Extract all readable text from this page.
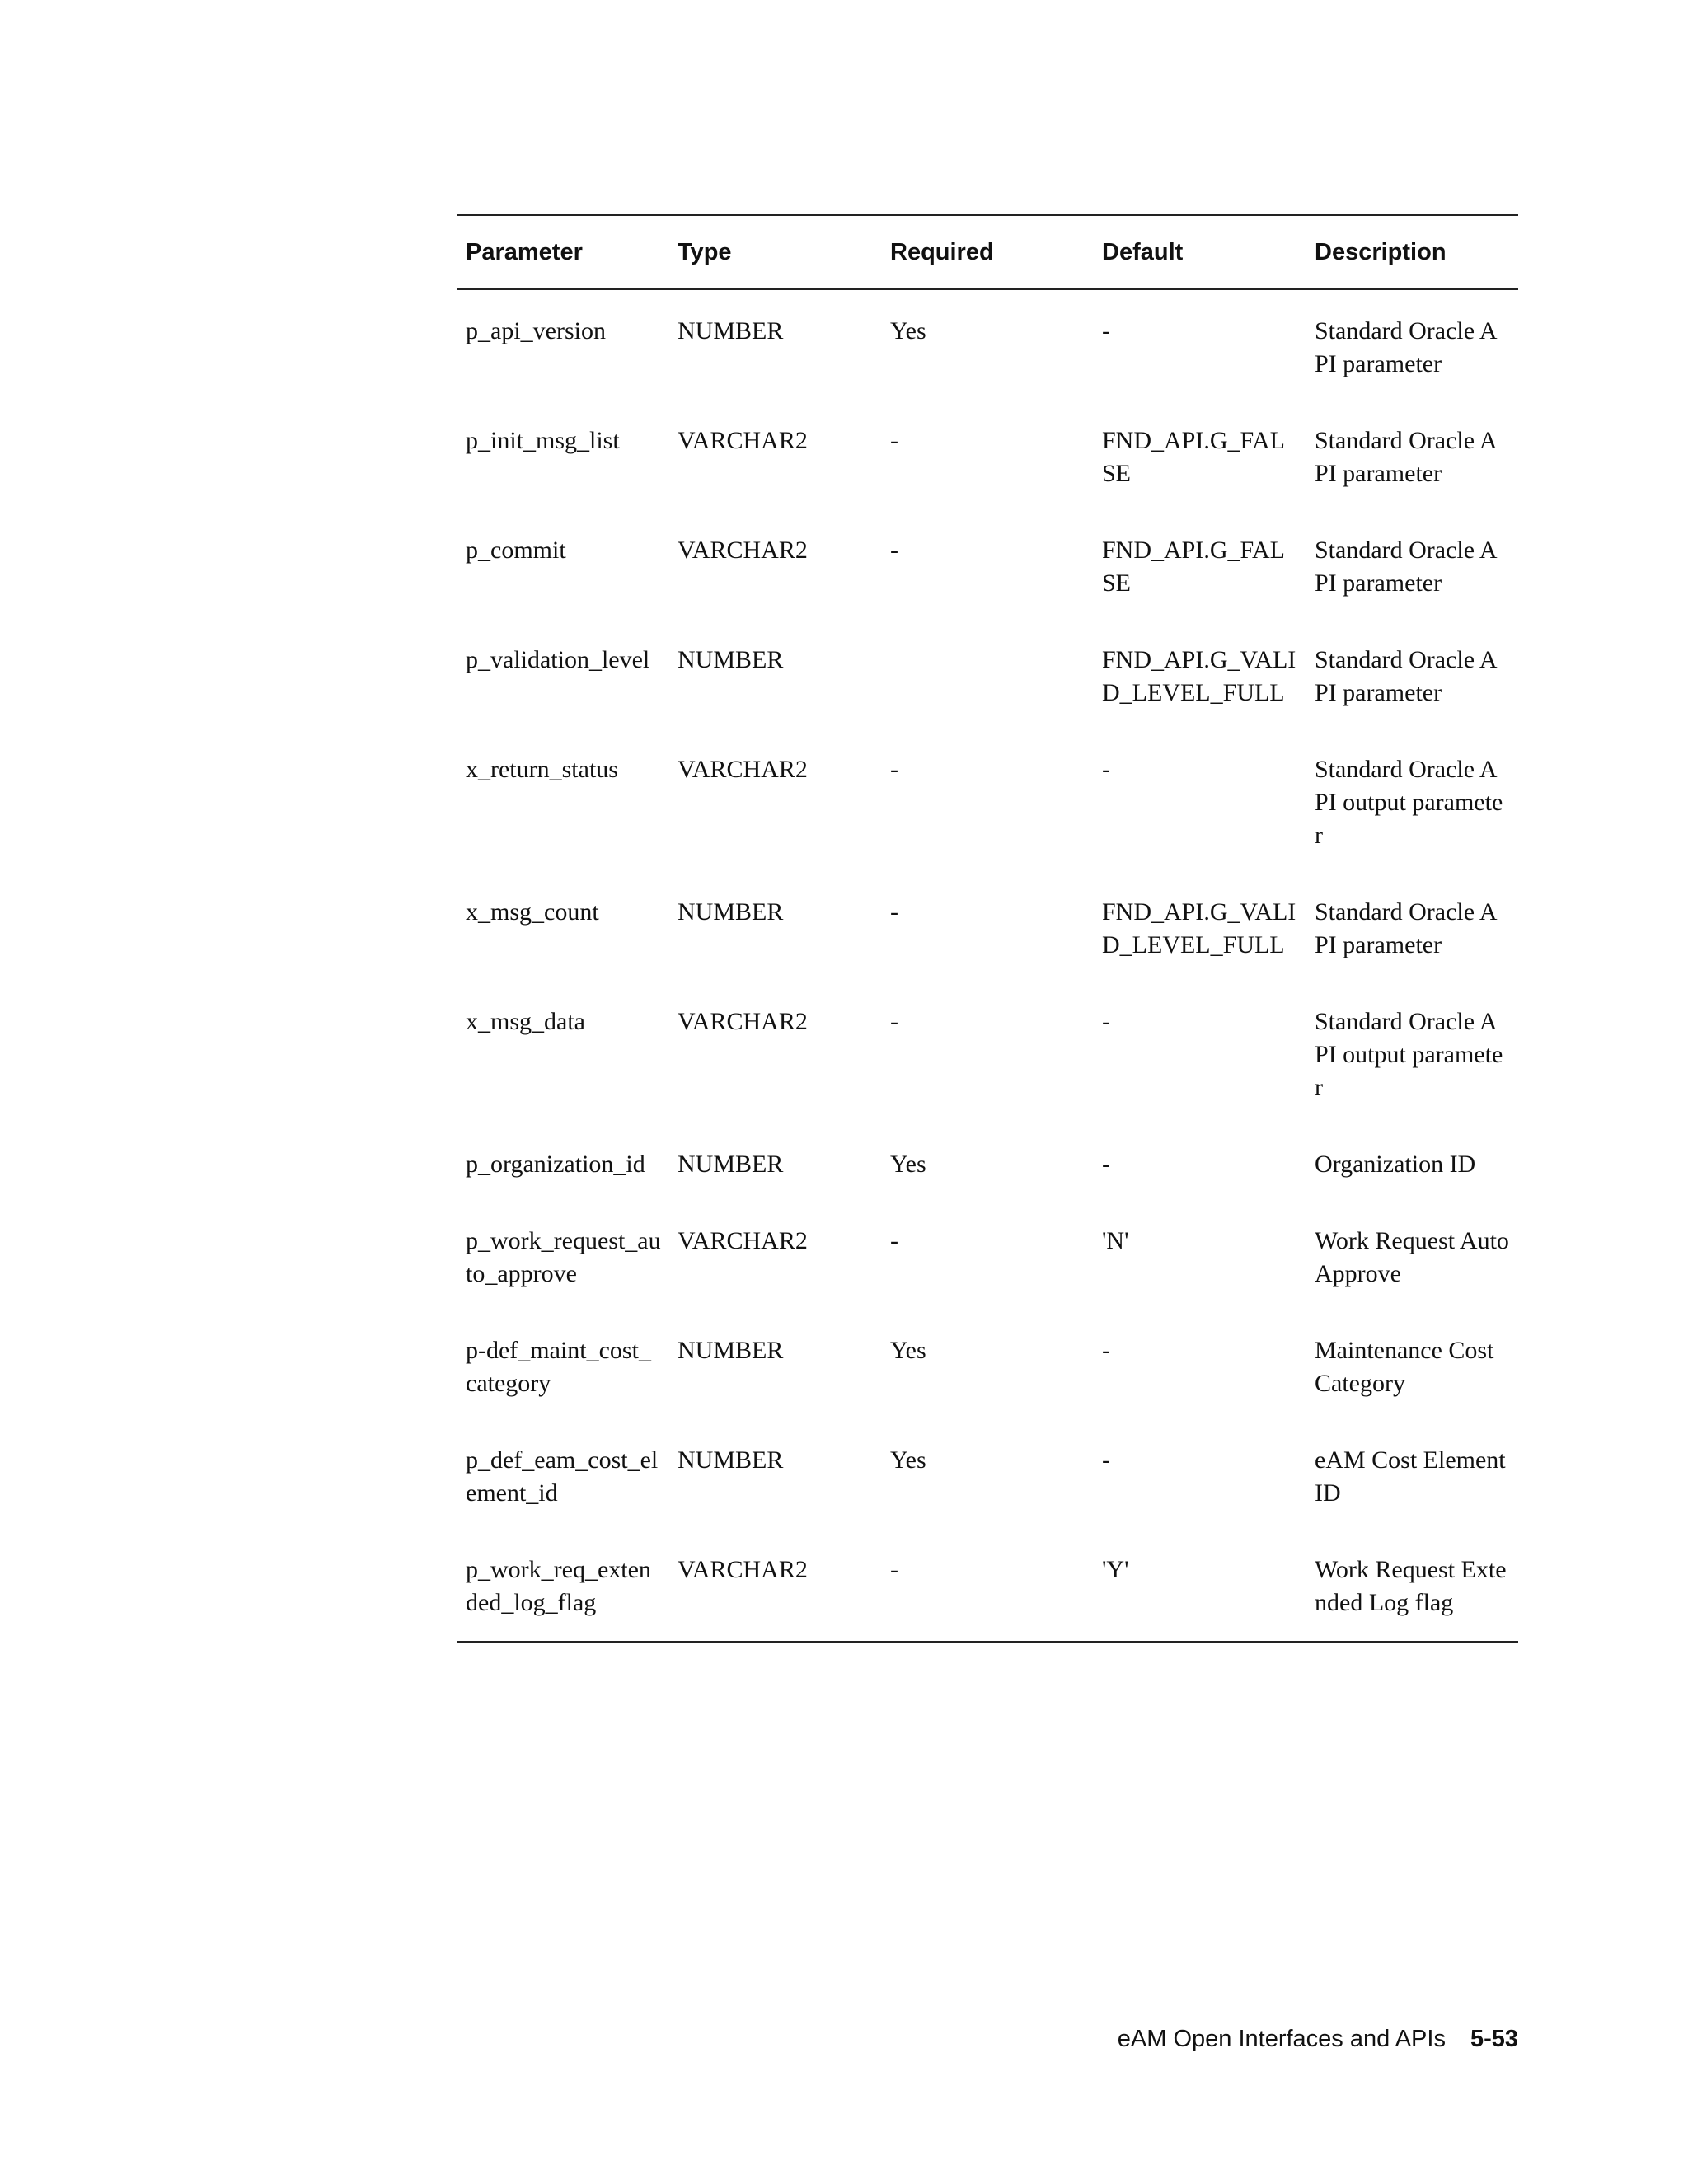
Parameter	Type	Required	Default	Description
p_api_version	NUMBER	Yes	-	Standard Oracle API parameter
p_init_msg_list	VARCHAR2	-	FND_API.G_FALSE	Standard Oracle API parameter
p_commit	VARCHAR2	-	FND_API.G_FALSE	Standard Oracle API parameter
p_validation_level	NUMBER		FND_API.G_VALID_LEVEL_FULL	Standard Oracle API parameter
x_return_status	VARCHAR2	-	-	Standard Oracle API output parameter
x_msg_count	NUMBER	-	FND_API.G_VALID_LEVEL_FULL	Standard Oracle API parameter
x_msg_data	VARCHAR2	-	-	Standard Oracle API output parameter
p_organization_id	NUMBER	Yes	-	Organization ID
p_work_request_auto_approve	VARCHAR2	-	'N'	Work Request Auto Approve
p-def_maint_cost_category	NUMBER	Yes	-	Maintenance Cost Category
p_def_eam_cost_element_id	NUMBER	Yes	-	eAM Cost Element ID
p_work_req_extended_log_flag	VARCHAR2	-	'Y'	Work Request Extended Log flag
eAM Open Interfaces and APIs 5-53
